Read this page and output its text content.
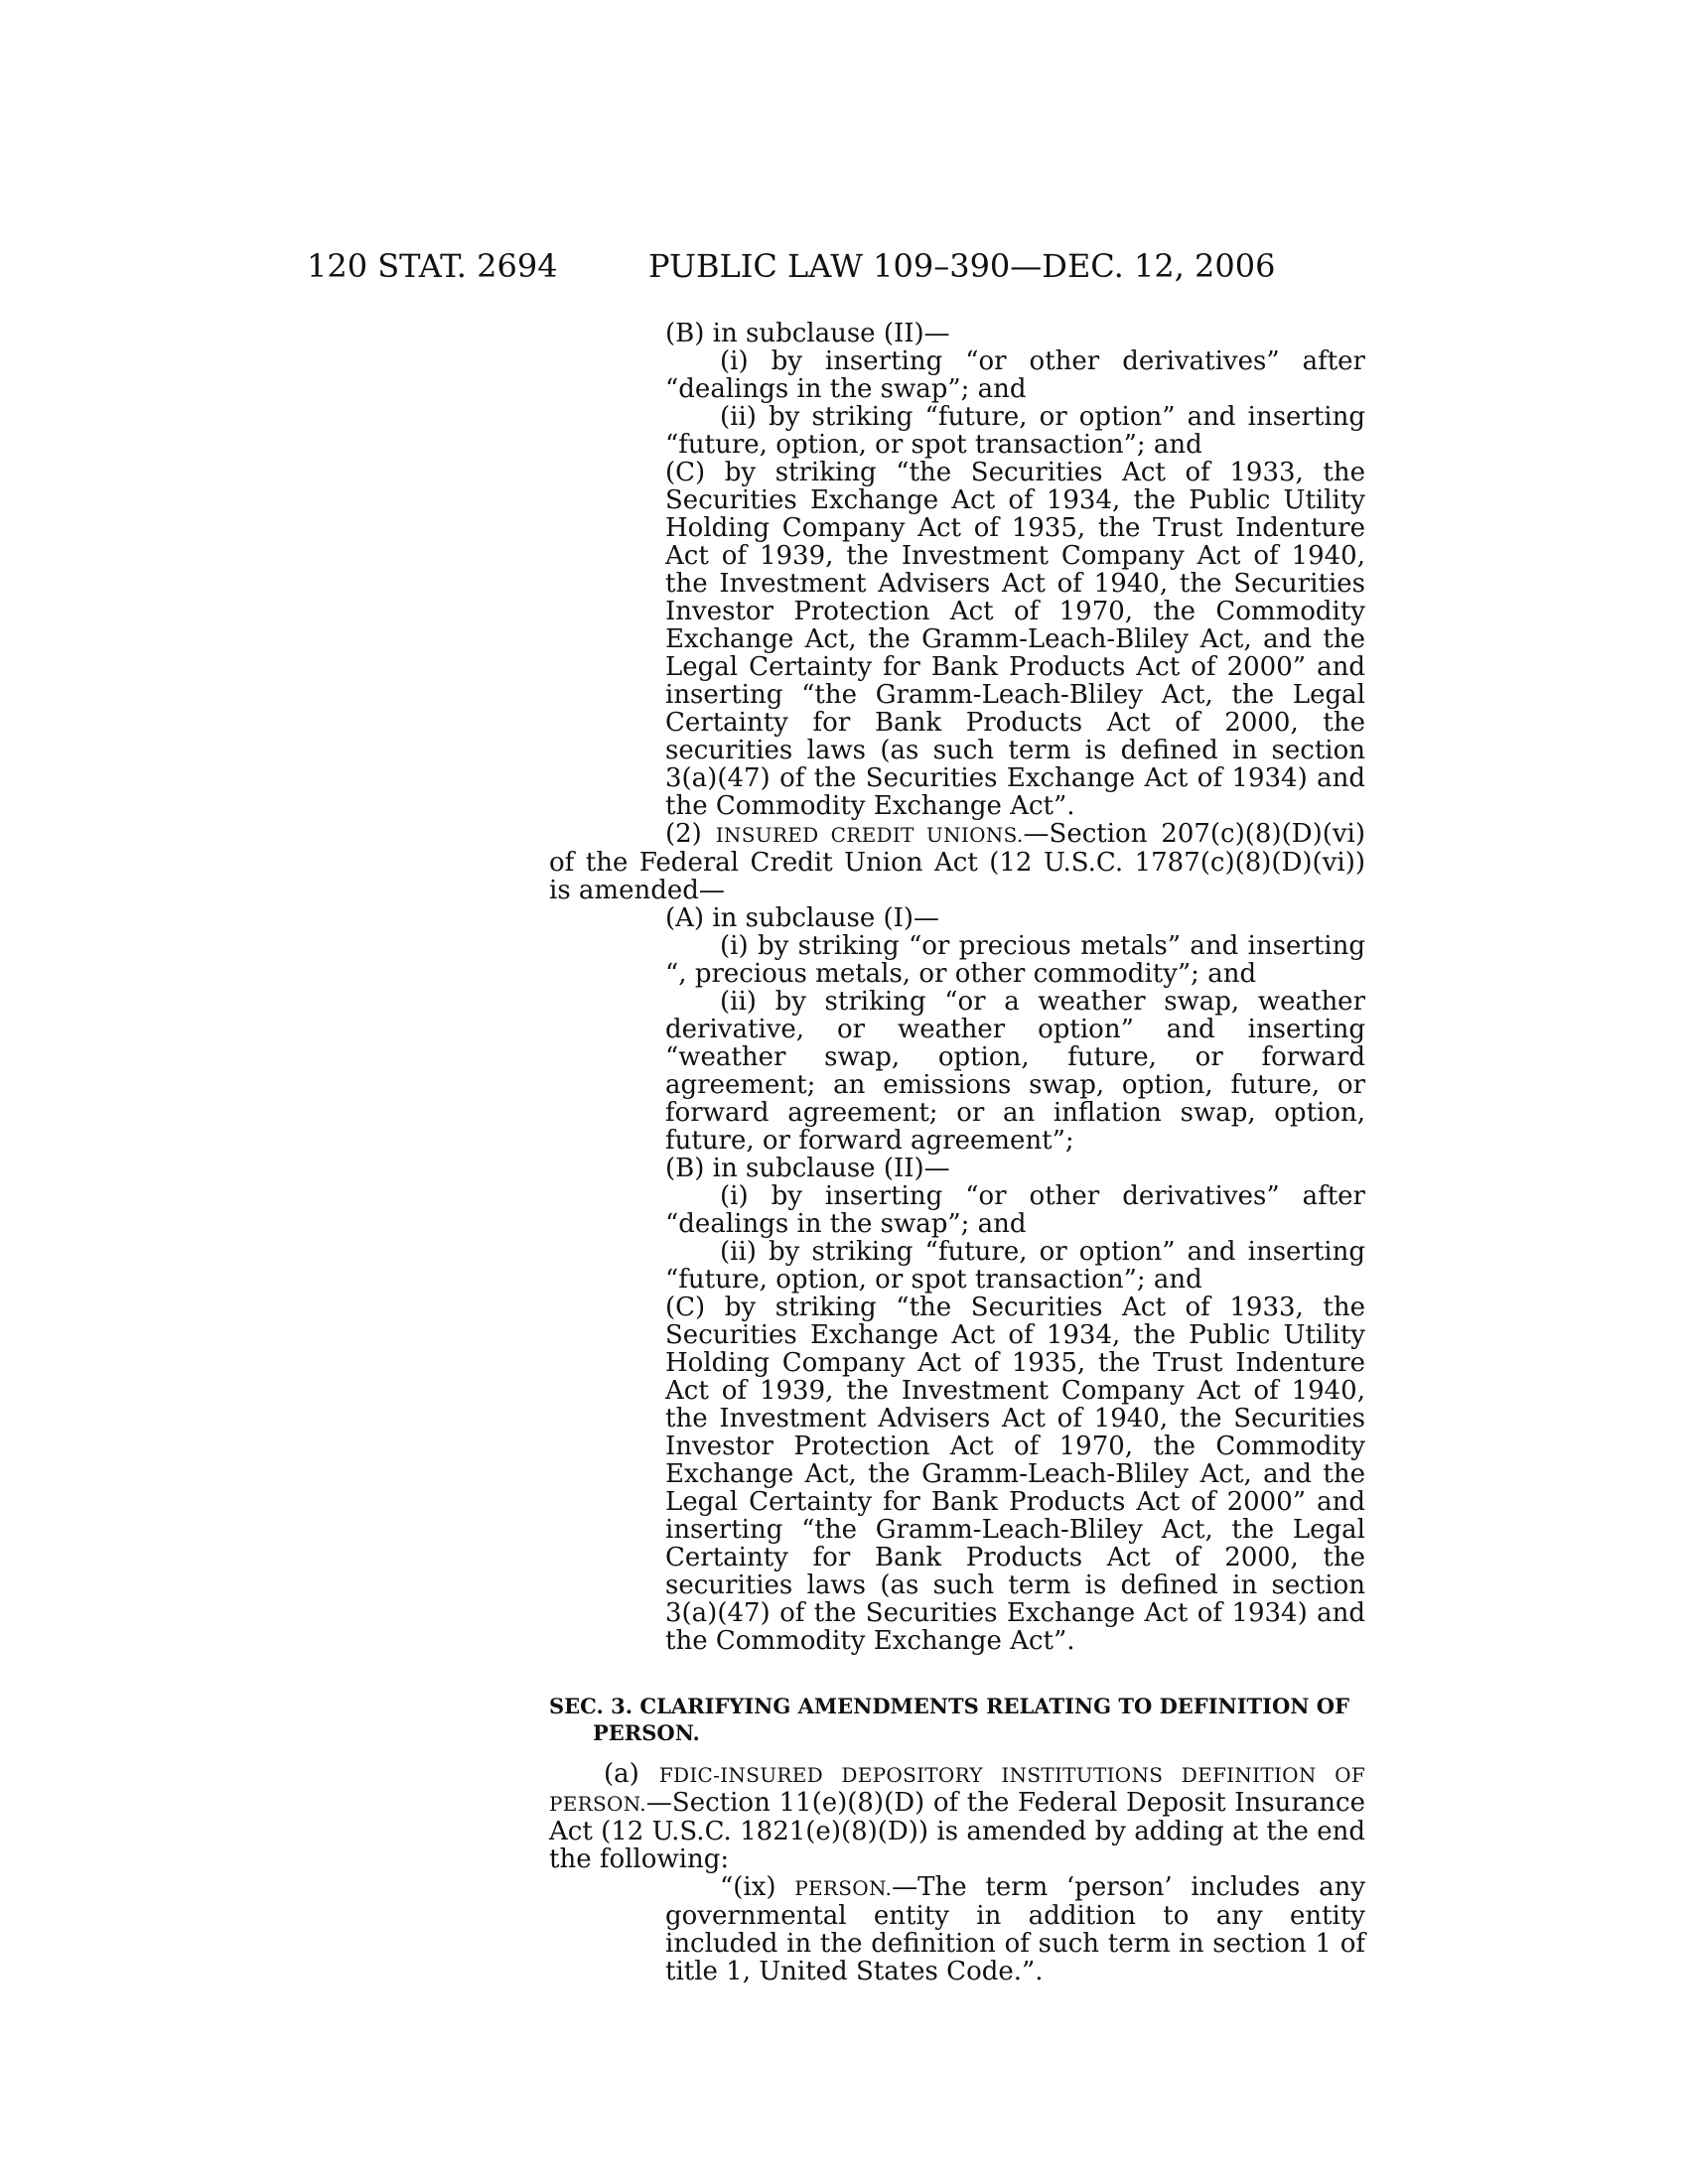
120 STAT. 2694	PUBLIC LAW 109–390—DEC. 12, 2006

(B) in subclause (II)—

(i) by inserting “or other derivatives” after “dealings in the swap”; and

(ii) by striking “future, or option” and inserting “future, option, or spot transaction”; and

(C) by striking “the Securities Act of 1933, the Securities Exchange Act of 1934, the Public Utility Holding Company Act of 1935, the Trust Indenture Act of 1939, the Investment Company Act of 1940, the Investment Advisers Act of 1940, the Securities Investor Protection Act of 1970, the Commodity Exchange Act, the Gramm-Leach-Bliley Act, and the Legal Certainty for Bank Products Act of 2000” and inserting “the Gramm-Leach-Bliley Act, the Legal Certainty for Bank Products Act of 2000, the securities laws (as such term is defined in section 3(a)(47) of the Securities Exchange Act of 1934) and the Commodity Exchange Act”.

(2) INSURED CREDIT UNIONS.—Section 207(c)(8)(D)(vi) of the Federal Credit Union Act (12 U.S.C. 1787(c)(8)(D)(vi)) is amended—

(A) in subclause (I)—

(i) by striking “or precious metals” and inserting “, precious metals, or other commodity”; and

(ii) by striking “or a weather swap, weather derivative, or weather option” and inserting “weather swap, option, future, or forward agreement; an emissions swap, option, future, or forward agreement; or an inflation swap, option, future, or forward agreement”;

(B) in subclause (II)—

(i) by inserting “or other derivatives” after “dealings in the swap”; and

(ii) by striking “future, or option” and inserting “future, option, or spot transaction”; and

(C) by striking “the Securities Act of 1933, the Securities Exchange Act of 1934, the Public Utility Holding Company Act of 1935, the Trust Indenture Act of 1939, the Investment Company Act of 1940, the Investment Advisers Act of 1940, the Securities Investor Protection Act of 1970, the Commodity Exchange Act, the Gramm-Leach-Bliley Act, and the Legal Certainty for Bank Products Act of 2000” and inserting “the Gramm-Leach-Bliley Act, the Legal Certainty for Bank Products Act of 2000, the securities laws (as such term is defined in section 3(a)(47) of the Securities Exchange Act of 1934) and the Commodity Exchange Act”.

SEC. 3. CLARIFYING AMENDMENTS RELATING TO DEFINITION OF PERSON.

(a) FDIC-INSURED DEPOSITORY INSTITUTIONS DEFINITION OF PERSON.—Section 11(e)(8)(D) of the Federal Deposit Insurance Act (12 U.S.C. 1821(e)(8)(D)) is amended by adding at the end the following:

“(ix) PERSON.—The term ‘person’ includes any governmental entity in addition to any entity included in the definition of such term in section 1 of title 1, United States Code.”.
